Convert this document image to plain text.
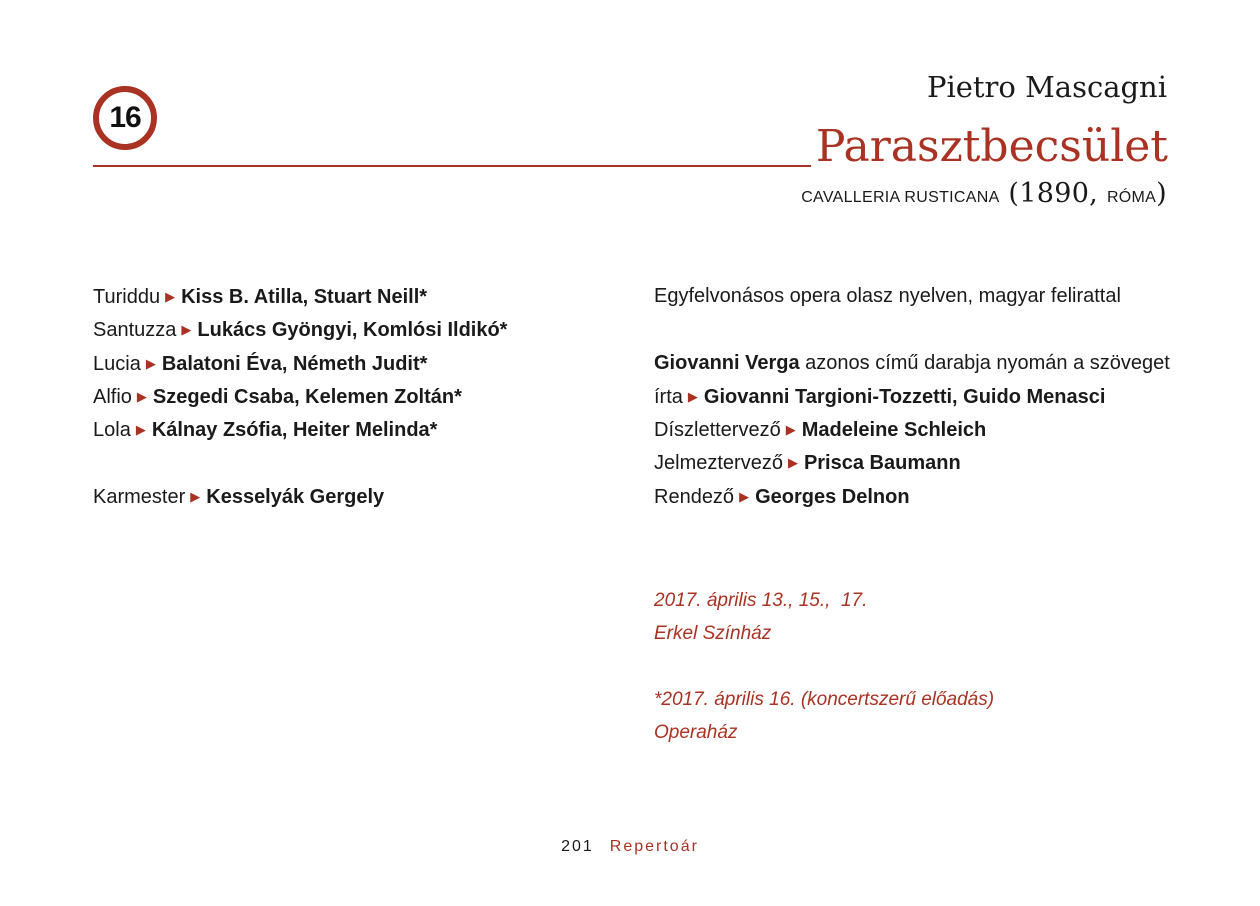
16
Pietro Mascagni
Parasztbecsület
CAVALLERIA RUSTICANA (1890, RÓMA)
Turiddu ▶ Kiss B. Atilla, Stuart Neill*
Santuzza ▶ Lukács Gyöngyi, Komlósi Ildikó*
Lucia ▶ Balatoni Éva, Németh Judit*
Alfio ▶ Szegedi Csaba, Kelemen Zoltán*
Lola ▶ Kálnay Zsófia, Heiter Melinda*
Karmester ▶ Kesselyák Gergely
Egyfelvonásos opera olasz nyelven, magyar felirattal
Giovanni Verga azonos című darabja nyomán a szöveget
írta ▶ Giovanni Targioni-Tozzetti, Guido Menasci
Díszlettervező ▶ Madeleine Schleich
Jelmeztervező ▶ Prisca Baumann
Rendező ▶ Georges Delnon
2017. április 13., 15.,  17.
Erkel Színház
*2017. április 16. (koncertszerű előadás)
Operaház
201 Repertoár
